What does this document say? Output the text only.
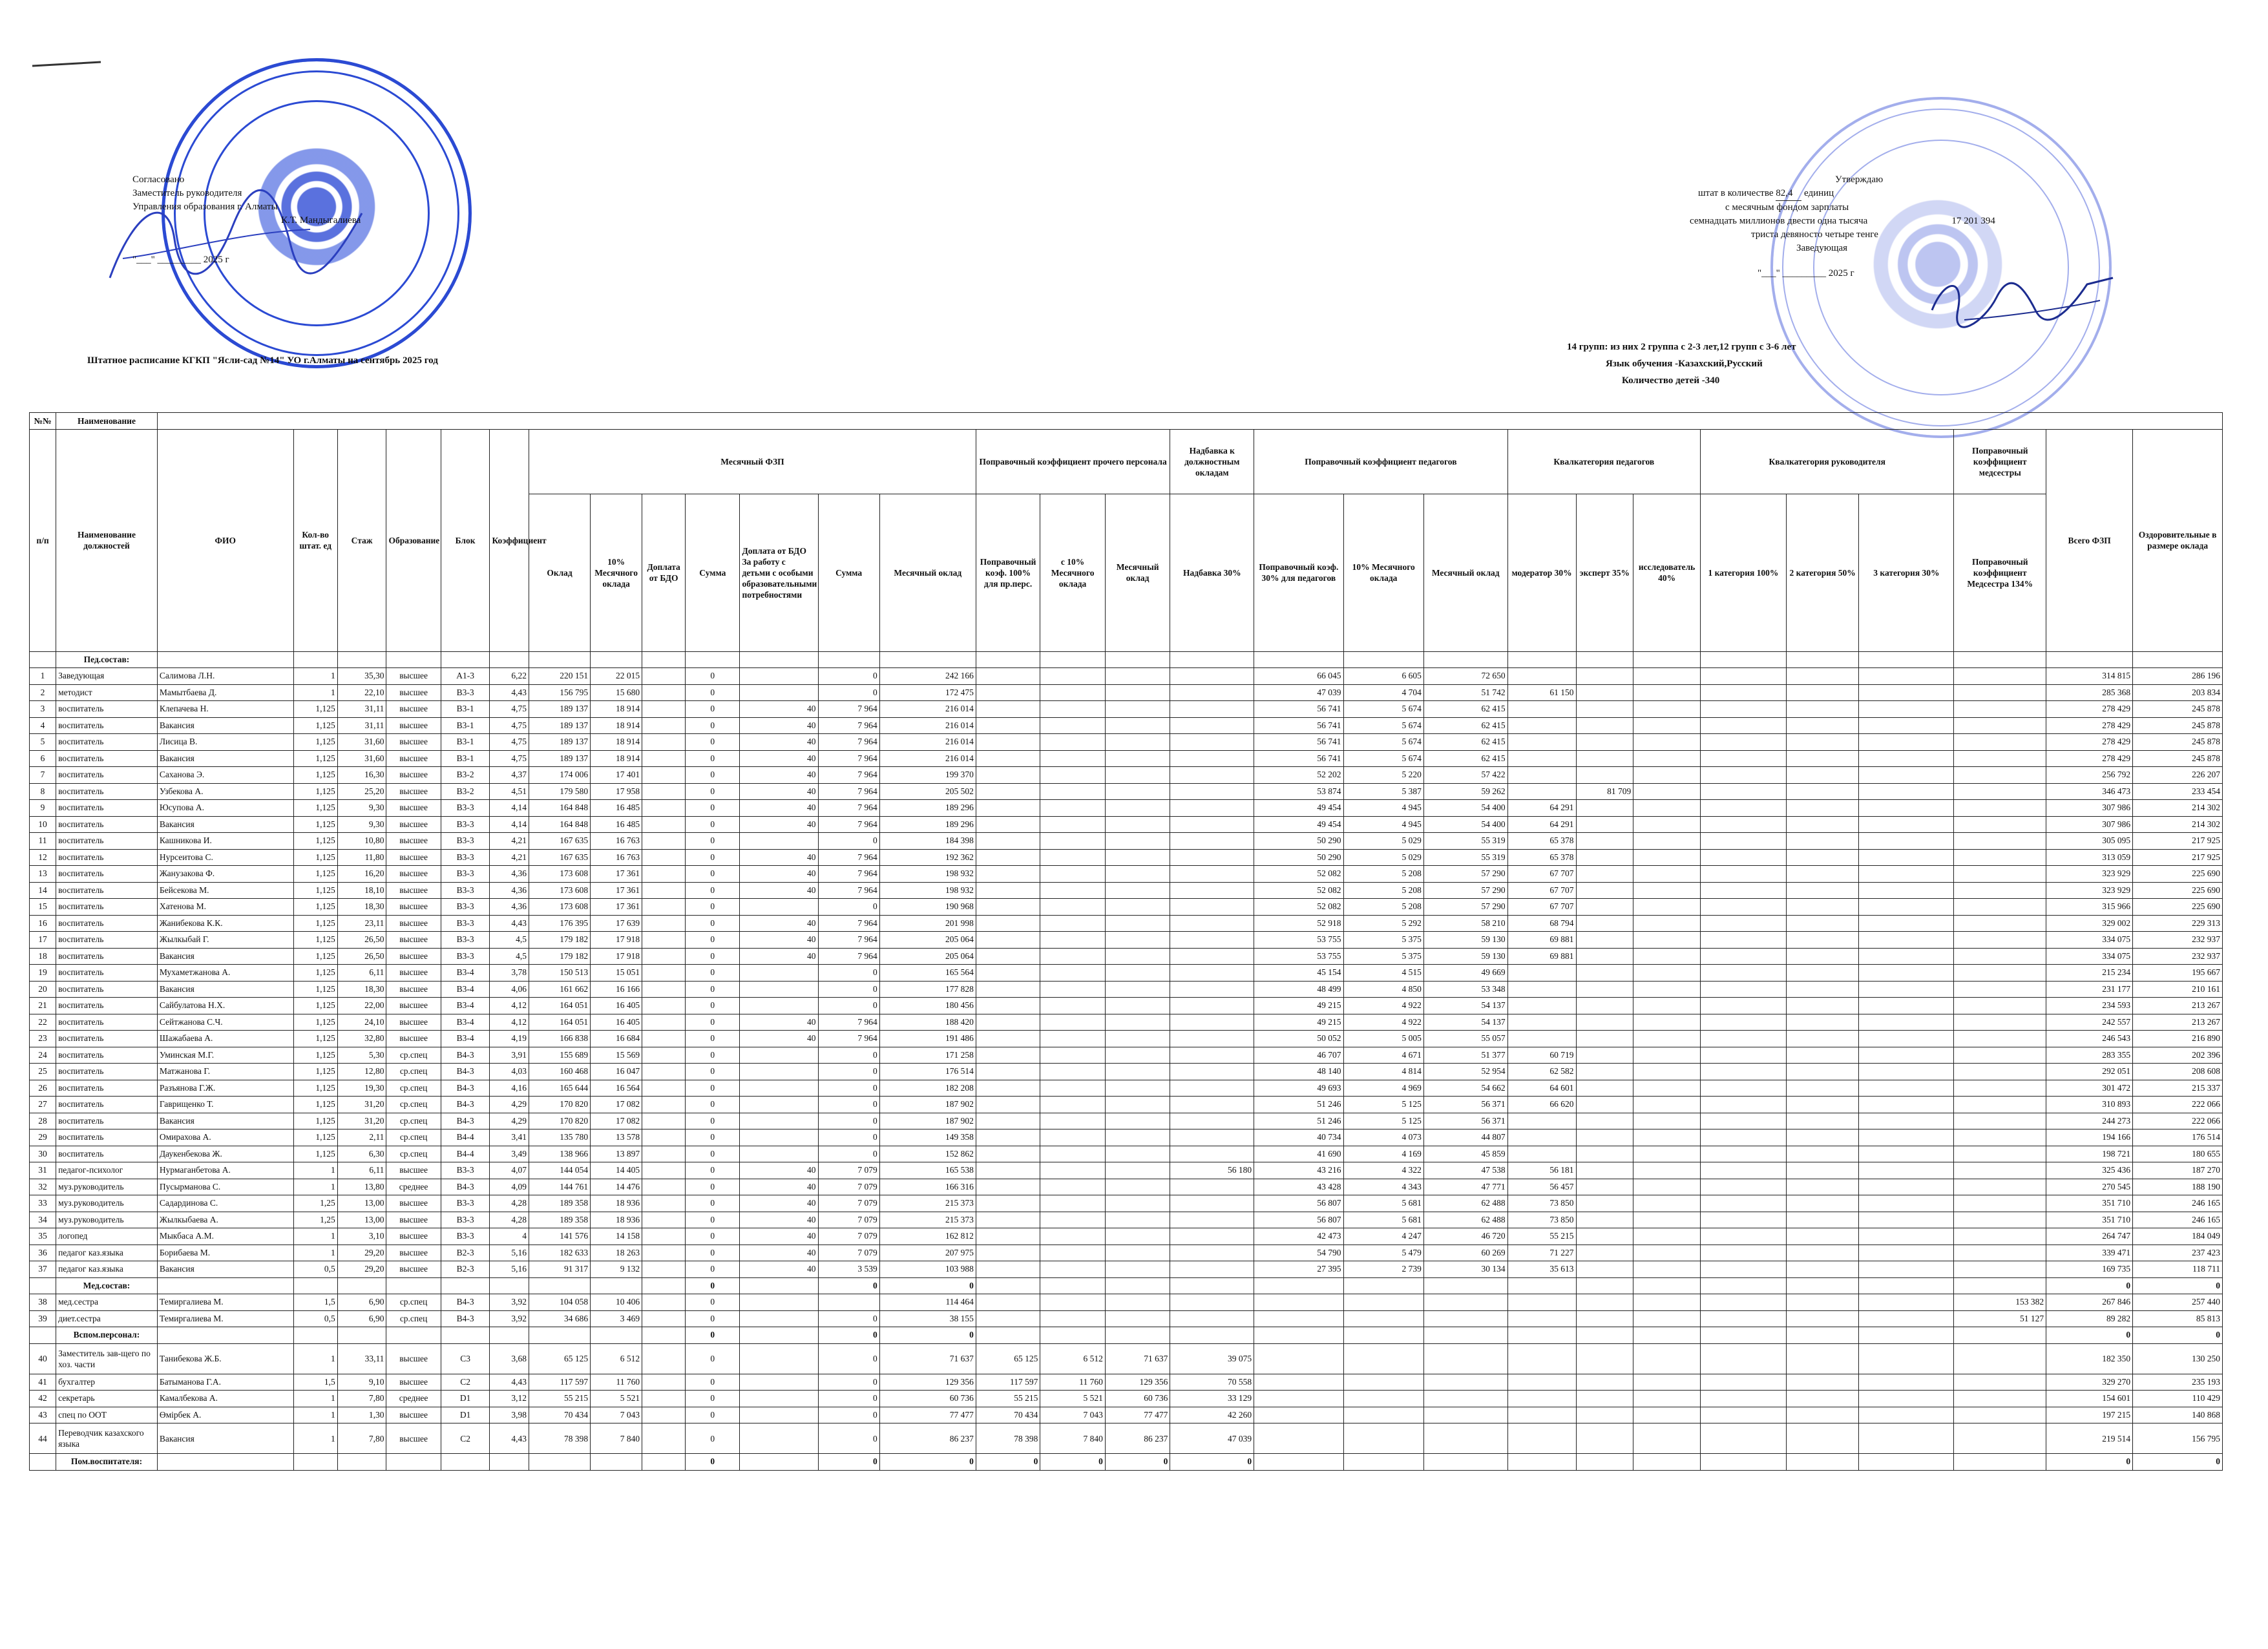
Согласовано
Заместитель руководителя
Управления образования г. Алматы
К.Т. Мандыгалиева
"___" _________ 2025 г
Утверждаю
штат в количестве 82,4 единиц
с месячным фондом зарплаты
семнадцать миллионов двести одна тысяча	17 201 394
триста девяносто четыре тенге
Заведующая
"___" _________ 2025 г
Штатное расписание КГКП "Ясли-сад №14" УО г.Алматы на сентябрь 2025 год
14 групп: из них 2 группа с 2-3 лет,12 групп с 3-6 лет
Язык обучения -Казахский,Русский
Количество детей -340
№№	Наименование																													
п/п	Наименование должностей	ФИО	Кол-во штат. ед	Стаж	Образование	Блок	Коэффициент	Месячный ФЗП							Поправочный коэффициент прочего персонала			Надбавка к должностным окладам	Поправочный коэффициент педагогов			Квалкатегория педагогов			Квалкатегория руководителя			Поправочный коэффициент медсестры	Всего ФЗП	Оздоровительные в размере оклада
								Оклад	10% Месячного оклада	Доплата от БДО	Сумма	Доплата от БДО За работу с детьми с особыми образовательными потребностями	Сумма	Месячный оклад	Поправочный коэф. 100% для пр.перс.	с 10% Месячного оклада	Месячный оклад	Надбавка 30%	Поправочный коэф. 30% для педагогов	10% Месячного оклада	Месячный оклад	модератор 30%	эксперт 35%	исследователь 40%	1 категория 100%	2 категория 50%	3 категория 30%	Поправочный коэффициент Медсестра 134%		
	Пед.состав:																													
1	Заведующая	Салимова Л.Н.	1	35,30	высшее	А1-3	6,22	220 151	22 015		0		0	242 166					66 045	6 605	72 650								314 815	286 196
2	методист	Мамытбаева Д.	1	22,10	высшее	В3-3	4,43	156 795	15 680		0		0	172 475					47 039	4 704	51 742	61 150							285 368	203 834
3	воспитатель	Клепачева Н.	1,125	31,11	высшее	В3-1	4,75	189 137	18 914		0	40	7 964	216 014					56 741	5 674	62 415								278 429	245 878
4	воспитатель	Вакансия	1,125	31,11	высшее	В3-1	4,75	189 137	18 914		0	40	7 964	216 014					56 741	5 674	62 415								278 429	245 878
5	воспитатель	Лисица В.	1,125	31,60	высшее	В3-1	4,75	189 137	18 914		0	40	7 964	216 014					56 741	5 674	62 415								278 429	245 878
6	воспитатель	Вакансия	1,125	31,60	высшее	В3-1	4,75	189 137	18 914		0	40	7 964	216 014					56 741	5 674	62 415								278 429	245 878
7	воспитатель	Саханова Э.	1,125	16,30	высшее	В3-2	4,37	174 006	17 401		0	40	7 964	199 370					52 202	5 220	57 422								256 792	226 207
8	воспитатель	Узбекова А.	1,125	25,20	высшее	В3-2	4,51	179 580	17 958		0	40	7 964	205 502					53 874	5 387	59 262		81 709						346 473	233 454
9	воспитатель	Юсупова А.	1,125	9,30	высшее	В3-3	4,14	164 848	16 485		0	40	7 964	189 296					49 454	4 945	54 400	64 291							307 986	214 302
10	воспитатель	Вакансия	1,125	9,30	высшее	В3-3	4,14	164 848	16 485		0	40	7 964	189 296					49 454	4 945	54 400	64 291							307 986	214 302
11	воспитатель	Кашникова И.	1,125	10,80	высшее	В3-3	4,21	167 635	16 763		0		0	184 398					50 290	5 029	55 319	65 378							305 095	217 925
12	воспитатель	Нурсеитова С.	1,125	11,80	высшее	В3-3	4,21	167 635	16 763		0	40	7 964	192 362					50 290	5 029	55 319	65 378							313 059	217 925
13	воспитатель	Жанузакова Ф.	1,125	16,20	высшее	В3-3	4,36	173 608	17 361		0	40	7 964	198 932					52 082	5 208	57 290	67 707							323 929	225 690
14	воспитатель	Бейсекова М.	1,125	18,10	высшее	В3-3	4,36	173 608	17 361		0	40	7 964	198 932					52 082	5 208	57 290	67 707							323 929	225 690
15	воспитатель	Хатенова М.	1,125	18,30	высшее	В3-3	4,36	173 608	17 361		0		0	190 968					52 082	5 208	57 290	67 707							315 966	225 690
16	воспитатель	Жанибекова К.К.	1,125	23,11	высшее	В3-3	4,43	176 395	17 639		0	40	7 964	201 998					52 918	5 292	58 210	68 794							329 002	229 313
17	воспитатель	Жылкыбай Г.	1,125	26,50	высшее	В3-3	4,5	179 182	17 918		0	40	7 964	205 064					53 755	5 375	59 130	69 881							334 075	232 937
18	воспитатель	Вакансия	1,125	26,50	высшее	В3-3	4,5	179 182	17 918		0	40	7 964	205 064					53 755	5 375	59 130	69 881							334 075	232 937
19	воспитатель	Мухаметжанова А.	1,125	6,11	высшее	В3-4	3,78	150 513	15 051		0		0	165 564					45 154	4 515	49 669								215 234	195 667
20	воспитатель	Вакансия	1,125	18,30	высшее	В3-4	4,06	161 662	16 166		0		0	177 828					48 499	4 850	53 348								231 177	210 161
21	воспитатель	Сайбулатова Н.Х.	1,125	22,00	высшее	В3-4	4,12	164 051	16 405		0		0	180 456					49 215	4 922	54 137								234 593	213 267
22	воспитатель	Сейтжанова С.Ч.	1,125	24,10	высшее	В3-4	4,12	164 051	16 405		0	40	7 964	188 420					49 215	4 922	54 137								242 557	213 267
23	воспитатель	Шажабаева А.	1,125	32,80	высшее	В3-4	4,19	166 838	16 684		0	40	7 964	191 486					50 052	5 005	55 057								246 543	216 890
24	воспитатель	Уминская М.Г.	1,125	5,30	ср.спец	В4-3	3,91	155 689	15 569		0		0	171 258					46 707	4 671	51 377	60 719							283 355	202 396
25	воспитатель	Матжанова Г.	1,125	12,80	ср.спец	В4-3	4,03	160 468	16 047		0		0	176 514					48 140	4 814	52 954	62 582							292 051	208 608
26	воспитатель	Разъянова Г.Ж.	1,125	19,30	ср.спец	В4-3	4,16	165 644	16 564		0		0	182 208					49 693	4 969	54 662	64 601							301 472	215 337
27	воспитатель	Гаврищенко Т.	1,125	31,20	ср.спец	В4-3	4,29	170 820	17 082		0		0	187 902					51 246	5 125	56 371	66 620							310 893	222 066
28	воспитатель	Вакансия	1,125	31,20	ср.спец	В4-3	4,29	170 820	17 082		0		0	187 902					51 246	5 125	56 371								244 273	222 066
29	воспитатель	Омирахова А.	1,125	2,11	ср.спец	В4-4	3,41	135 780	13 578		0		0	149 358					40 734	4 073	44 807								194 166	176 514
30	воспитатель	Даукенбекова Ж.	1,125	6,30	ср.спец	В4-4	3,49	138 966	13 897		0		0	152 862					41 690	4 169	45 859								198 721	180 655
31	педагог-психолог	Нурмаганбетова А.	1	6,11	высшее	В3-3	4,07	144 054	14 405		0	40	7 079	165 538				56 180	43 216	4 322	47 538	56 181							325 436	187 270
32	муз.руководитель	Пусырманова С.	1	13,80	среднее	В4-3	4,09	144 761	14 476		0	40	7 079	166 316					43 428	4 343	47 771	56 457							270 545	188 190
33	муз.руководитель	Садардинова С.	1,25	13,00	высшее	В3-3	4,28	189 358	18 936		0	40	7 079	215 373					56 807	5 681	62 488	73 850							351 710	246 165
34	муз.руководитель	Жылкыбаева А.	1,25	13,00	высшее	В3-3	4,28	189 358	18 936		0	40	7 079	215 373					56 807	5 681	62 488	73 850							351 710	246 165
35	логопед	Мыкбаса А.М.	1	3,10	высшее	В3-3	4	141 576	14 158		0	40	7 079	162 812					42 473	4 247	46 720	55 215							264 747	184 049
36	педагог каз.языка	Борибаева М.	1	29,20	высшее	В2-3	5,16	182 633	18 263		0	40	7 079	207 975					54 790	5 479	60 269	71 227							339 471	237 423
37	педагог каз.языка	Вакансия	0,5	29,20	высшее	В2-3	5,16	91 317	9 132		0	40	3 539	103 988					27 395	2 739	30 134	35 613							169 735	118 711
	Мед.состав:										0		0	0															0	0
38	мед.сестра	Темиргалиева М.	1,5	6,90	ср.спец	В4-3	3,92	104 058	10 406		0			114 464														153 382	267 846	257 440
39	диет.сестра	Темиргалиева М.	0,5	6,90	ср.спец	В4-3	3,92	34 686	3 469		0		0	38 155														51 127	89 282	85 813
	Вспом.персонал:										0		0	0															0	0
40	Заместитель зав-щего по хоз. части	Танибекова Ж.Б.	1	33,11	высшее	С3	3,68	65 125	6 512		0		0	71 637	65 125	6 512	71 637	39 075											182 350	130 250
41	бухгалтер	Батыманова Г.А.	1,5	9,10	высшее	С2	4,43	117 597	11 760		0		0	129 356	117 597	11 760	129 356	70 558											329 270	235 193
42	секретарь	Камалбекова А.	1	7,80	среднее	D1	3,12	55 215	5 521		0		0	60 736	55 215	5 521	60 736	33 129											154 601	110 429
43	спец по ООТ	Өмірбек А.	1	1,30	высшее	D1	3,98	70 434	7 043		0		0	77 477	70 434	7 043	77 477	42 260											197 215	140 868
44	Переводчик казахского языка	Вакансия	1	7,80	высшее	С2	4,43	78 398	7 840		0		0	86 237	78 398	7 840	86 237	47 039											219 514	156 795
	Пом.воспитателя:										0		0	0	0	0	0	0											0	0
